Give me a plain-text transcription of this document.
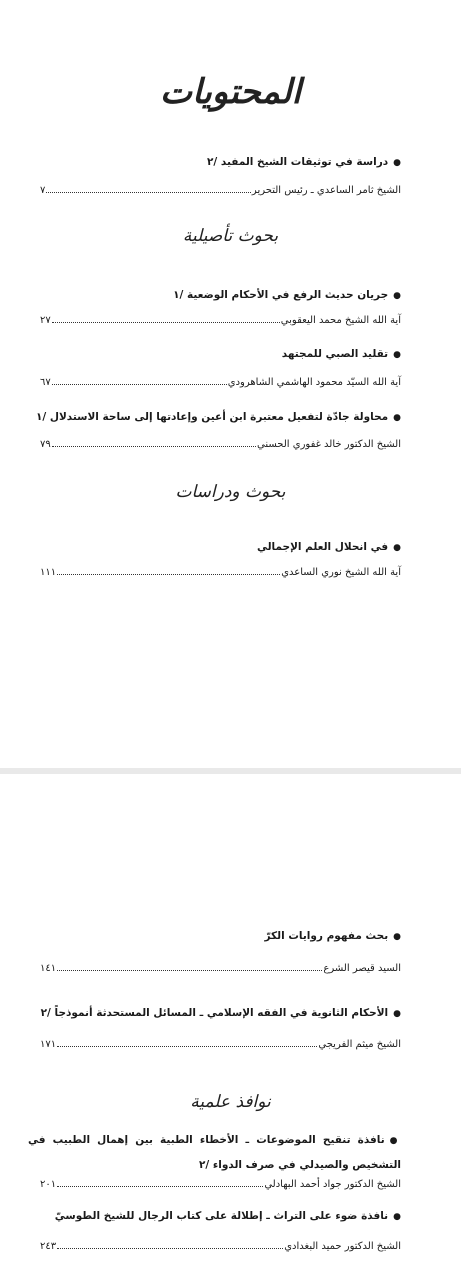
المحتويات
●دراسة في توثيقات الشيخ المفيد /٢
٧	الشيخ ثامر الساعدي ـ رئيس التحرير
بحوث تأصيلية
●جريان حديث الرفع في الأحكام الوضعية /١
٢٧	آية الله الشيخ محمد اليعقوبي
●تقليد الصبي للمجتهد
٦٧	آية الله السيّد محمود الهاشمي الشاهرودي
●محاولة جادّة لتفعيل معتبرة ابن أعين وإعادتها إلى ساحة الاستدلال /١
٧٩	الشيخ الدكتور خالد غفوري الحسني
بحوث ودراسات
●في انحلال العلم الإجمالي
١١١	آية الله الشيخ نوري الساعدي
●بحث مفهوم روايات الكرّ
١٤١	السيد قيصر الشرع
●الأحكام الثانوية في الفقه الإسلامي ـ المسائل المستحدثة أنموذجاً /٢
١٧١	الشيخ ميثم الفريجي
نوافذ علمية
●نافذة تنقيح الموضوعات ـ الأخطاء الطبية بين إهمال الطبيب في التشخيص والصيدلي في صرف الدواء /٢
٢٠١	الشيخ الدكتور جواد أحمد البهادلي
●نافذة ضوء على التراث ـ إطلالة على كتاب الرجال للشيخ الطوسيّ
٢٤٣	الشيخ الدكتور حميد البغدادي
